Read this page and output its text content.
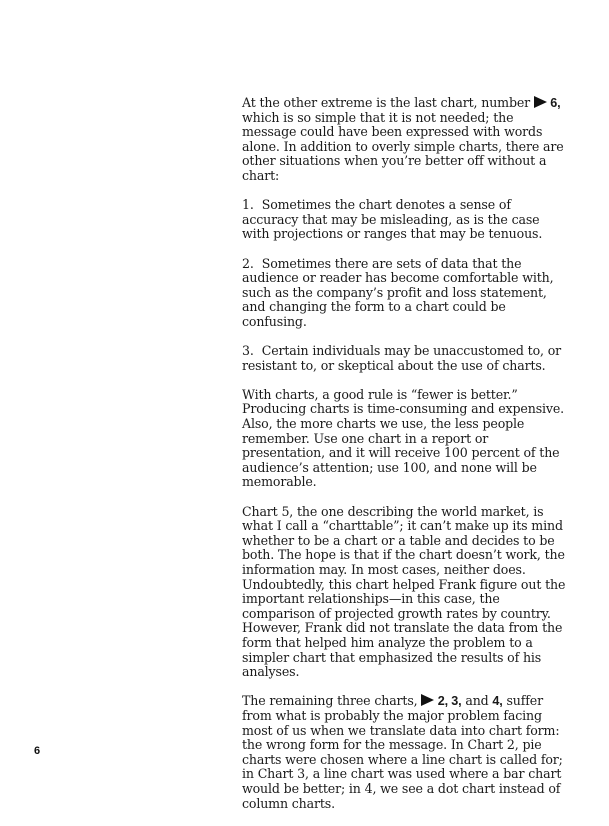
At the other extreme is the last chart, number  6, which is so simple that it is not needed; the message could have been expressed with words alone. In addition to overly simple charts, there are other situations when you’re better off without a chart:

1. Sometimes the chart denotes a sense of accuracy that may be misleading, as is the case with projections or ranges that may be tenuous.

2. Sometimes there are sets of data that the audience or reader has become comfortable with, such as the company’s profit and loss statement, and changing the form to a chart could be confusing.

3. Certain individuals may be unaccustomed to, or resistant to, or skeptical about the use of charts.

With charts, a good rule is “fewer is better.” Producing charts is time-consuming and expensive. Also, the more charts we use, the less people remember. Use one chart in a report or presentation, and it will receive 100 percent of the audience’s attention; use 100, and none will be memorable.

Chart 5, the one describing the world market, is what I call a “charttable”; it can’t make up its mind whether to be a chart or a table and decides to be both. The hope is that if the chart doesn’t work, the information may. In most cases, neither does. Undoubtedly, this chart helped Frank figure out the important relationships—in this case, the comparison of projected growth rates by country. However, Frank did not translate the data from the form that helped him analyze the problem to a simpler chart that emphasized the results of his analyses.

The remaining three charts,  2, 3, and 4, suffer from what is probably the major problem facing most of us when we translate data into chart form: the wrong form for the message. In Chart 2, pie charts were chosen where a line chart is called for; in Chart 3, a line chart was used where a bar chart would be better; in 4, we see a dot chart instead of column charts.

6
